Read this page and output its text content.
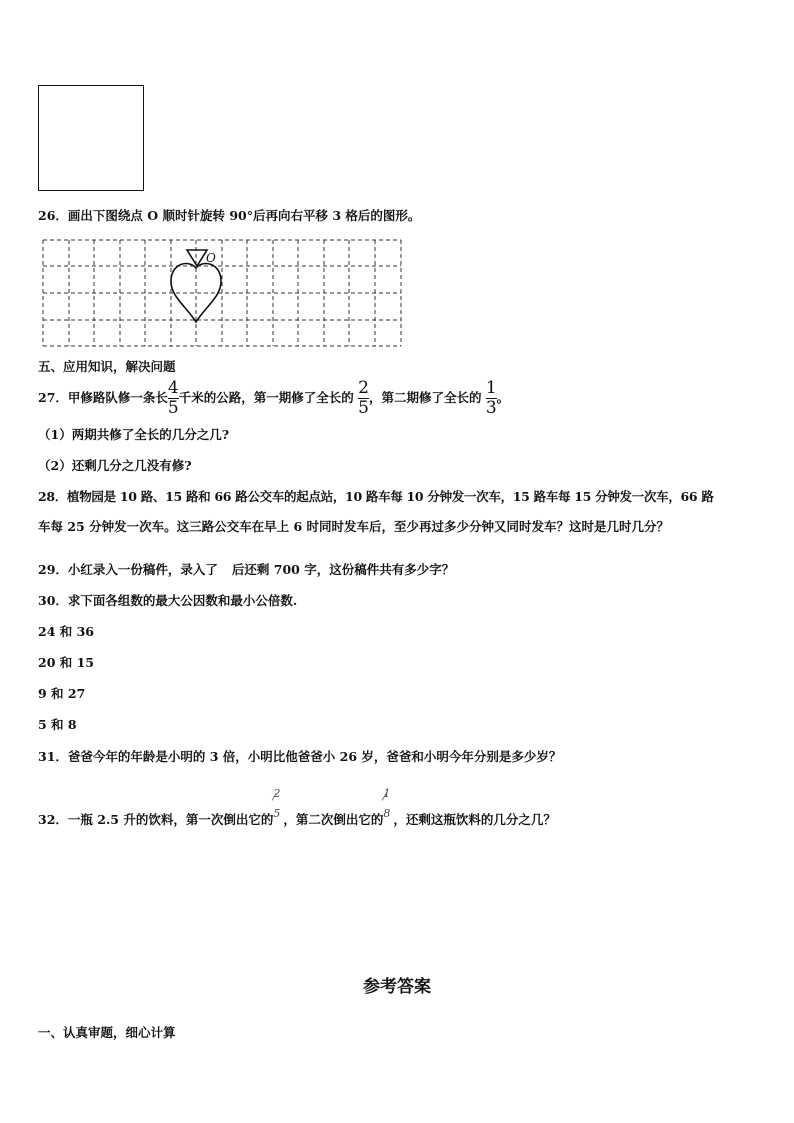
26．画出下图绕点 O 顺时针旋转 90°后再向右平移 3 格后的图形。
O
五、应用知识，解决问题
27．甲修路队修一条长 $\frac{4}{5}$ 千米的公路，第一期修了全长的 $\frac{2}{5}$ ，第二期修了全长的 $\frac{1}{3}$ 。
（1）两期共修了全长的几分之几?
（2）还剩几分之几没有修?
28．植物园是 10 路、15 路和 66 路公交车的起点站，10 路车每 10 分钟发一次车，15 路车每 15 分钟发一次车，66 路
车每 25 分钟发一次车。这三路公交车在早上 6 时同时发车后，至少再过多少分钟又同时发车？这时是几时几分？
29．小红录入一份稿件，录入了 后还剩 700 字，这份稿件共有多少字？
30．求下面各组数的最大公因数和最小公倍数.
24 和 36
20 和 15
9 和 27
5 和 8
31．爸爸今年的年龄是小明的 3 倍，小明比他爸爸小 26 岁，爸爸和小明今年分别是多少岁？
32．一瓶 2.5 升的饮料，第一次倒出它的
2
5 ，第二次倒出它的
1
8 ，还剩这瓶饮料的几分之几？
参考答案
一、认真审题，细心计算
